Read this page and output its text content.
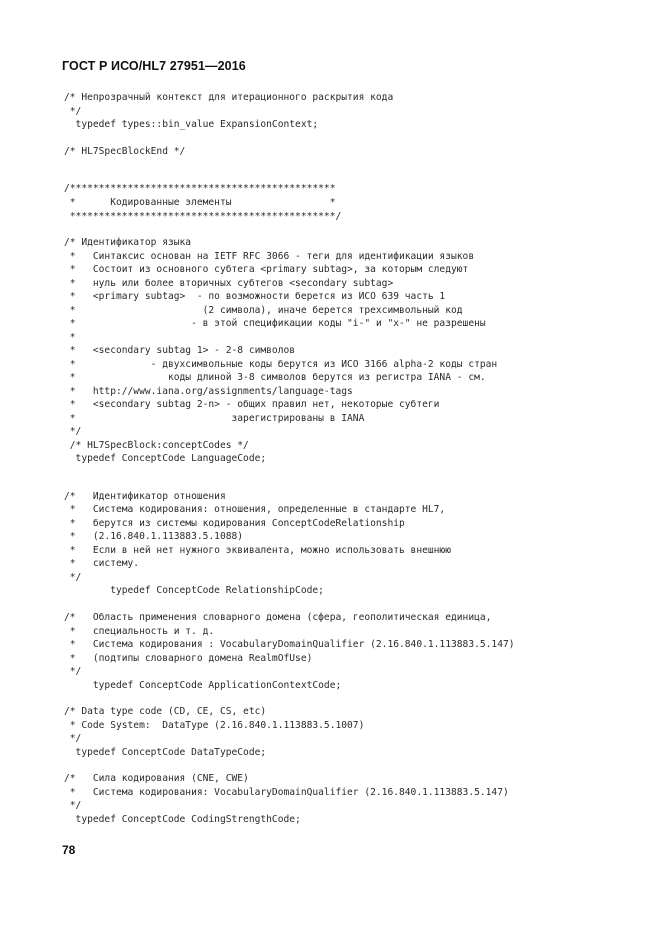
ГОСТ Р ИСО/HL7 27951—2016
/* Непрозрачный контекст для итерационного раскрытия кода
*/
typedef types::bin_value ExpansionContext;
/* HL7SpecBlockEnd */
/**********************************************
*      Кодированные элементы                 *
**********************************************/
/* Идентификатор языка
*   Синтаксис основан на IETF RFC 3066 - теги для идентификации языков
*   Состоит из основного субтега <primary subtag>, за которым следуют
*   нуль или более вторичных субтегов <secondary subtag>
*   <primary subtag>  - по возможности берется из ИСО 639 часть 1
*                      (2 символа), иначе берется трехсимвольный код
*                    - в этой спецификации коды "i-" и "x-" не разрешены
*
*   <secondary subtag 1> - 2-8 символов
*             - двухсимвольные коды берутся из ИСО 3166 alpha-2 коды стран
*                коды длиной 3-8 символов берутся из регистра IANA - см.
*   http://www.iana.org/assignments/language-tags
*   <secondary subtag 2-n> - общих правил нет, некоторые субтеги
*                           зарегистрированы в IANA
*/
/* HL7SpecBlock:conceptCodes */
typedef ConceptCode LanguageCode;
/*   Идентификатор отношения
*   Система кодирования: отношения, определенные в стандарте HL7,
*   берутся из системы кодирования ConceptCodeRelationship
*   (2.16.840.1.113883.5.1088)
*   Если в ней нет нужного эквивалента, можно использовать внешнюю
*   систему.
*/
typedef ConceptCode RelationshipCode;
/*   Область применения словарного домена (сфера, геополитическая единица,
*   специальность и т. д.
*   Система кодирования : VocabularyDomainQualifier (2.16.840.1.113883.5.147)
*   (подтипы словарного домена RealmOfUse)
*/
typedef ConceptCode ApplicationContextCode;
/* Data type code (CD, CE, CS, etc)
* Code System:  DataType (2.16.840.1.113883.5.1007)
*/
typedef ConceptCode DataTypeCode;
/*   Сила кодирования (CNE, CWE)
*   Система кодирования: VocabularyDomainQualifier (2.16.840.1.113883.5.147)
*/
typedef ConceptCode CodingStrengthCode;
78
